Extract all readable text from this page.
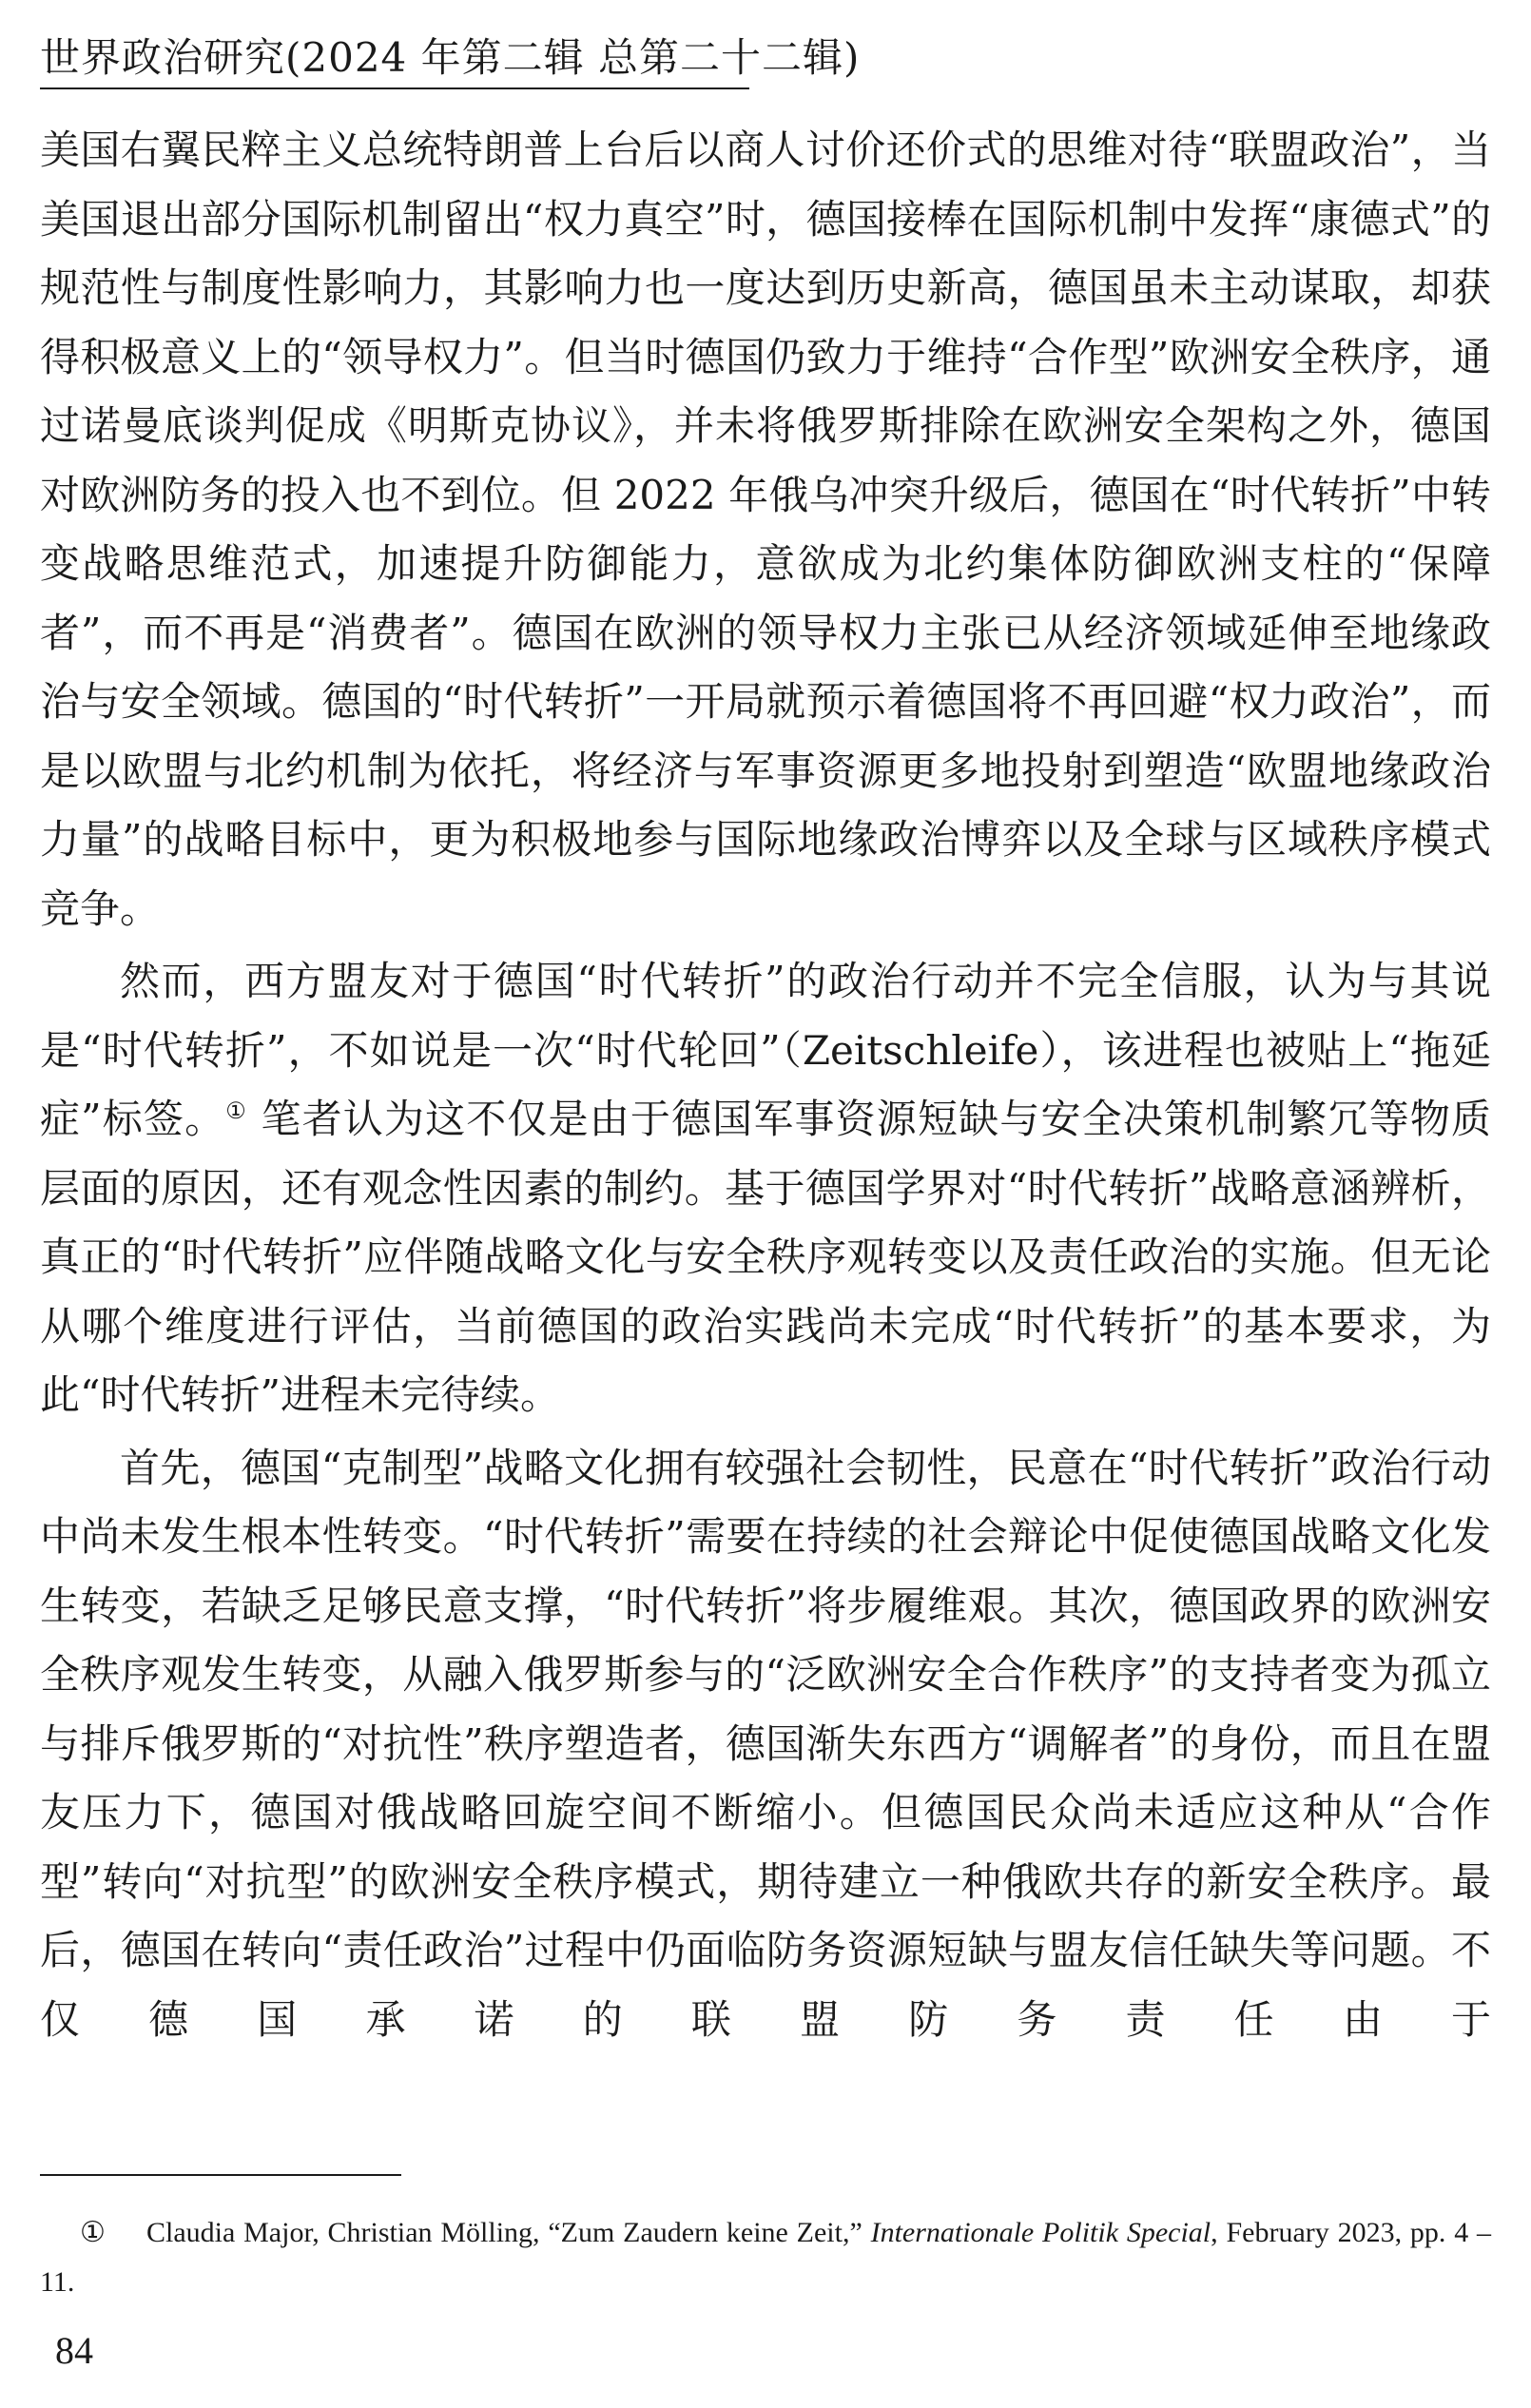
世界政治研究(2024 年第二辑 总第二十二辑)

美国右翼民粹主义总统特朗普上台后以商人讨价还价式的思维对待“联盟政治”，当美国退出部分国际机制留出“权力真空”时，德国接棒在国际机制中发挥“康德式”的规范性与制度性影响力，其影响力也一度达到历史新高，德国虽未主动谋取，却获得积极意义上的“领导权力”。但当时德国仍致力于维持“合作型”欧洲安全秩序，通过诺曼底谈判促成《明斯克协议》，并未将俄罗斯排除在欧洲安全架构之外，德国对欧洲防务的投入也不到位。但 2022 年俄乌冲突升级后，德国在“时代转折”中转变战略思维范式，加速提升防御能力，意欲成为北约集体防御欧洲支柱的“保障者”，而不再是“消费者”。德国在欧洲的领导权力主张已从经济领域延伸至地缘政治与安全领域。德国的“时代转折”一开局就预示着德国将不再回避“权力政治”，而是以欧盟与北约机制为依托，将经济与军事资源更多地投射到塑造“欧盟地缘政治力量”的战略目标中，更为积极地参与国际地缘政治博弈以及全球与区域秩序模式竞争。

然而，西方盟友对于德国“时代转折”的政治行动并不完全信服，认为与其说是“时代转折”，不如说是一次“时代轮回”（Zeitschleife），该进程也被贴上“拖延症”标签。① 笔者认为这不仅是由于德国军事资源短缺与安全决策机制繁冗等物质层面的原因，还有观念性因素的制约。基于德国学界对“时代转折”战略意涵辨析，真正的“时代转折”应伴随战略文化与安全秩序观转变以及责任政治的实施。但无论从哪个维度进行评估，当前德国的政治实践尚未完成“时代转折”的基本要求，为此“时代转折”进程未完待续。

首先，德国“克制型”战略文化拥有较强社会韧性，民意在“时代转折”政治行动中尚未发生根本性转变。“时代转折”需要在持续的社会辩论中促使德国战略文化发生转变，若缺乏足够民意支撑，“时代转折”将步履维艰。其次，德国政界的欧洲安全秩序观发生转变，从融入俄罗斯参与的“泛欧洲安全合作秩序”的支持者变为孤立与排斥俄罗斯的“对抗性”秩序塑造者，德国渐失东西方“调解者”的身份，而且在盟友压力下，德国对俄战略回旋空间不断缩小。但德国民众尚未适应这种从“合作型”转向“对抗型”的欧洲安全秩序模式，期待建立一种俄欧共存的新安全秩序。最后，德国在转向“责任政治”过程中仍面临防务资源短缺与盟友信任缺失等问题。不仅德国承诺的联盟防务责任由于

① Claudia Major, Christian Mölling, “Zum Zaudern keine Zeit,” Internationale Politik Special, February 2023, pp. 4 – 11.
84
